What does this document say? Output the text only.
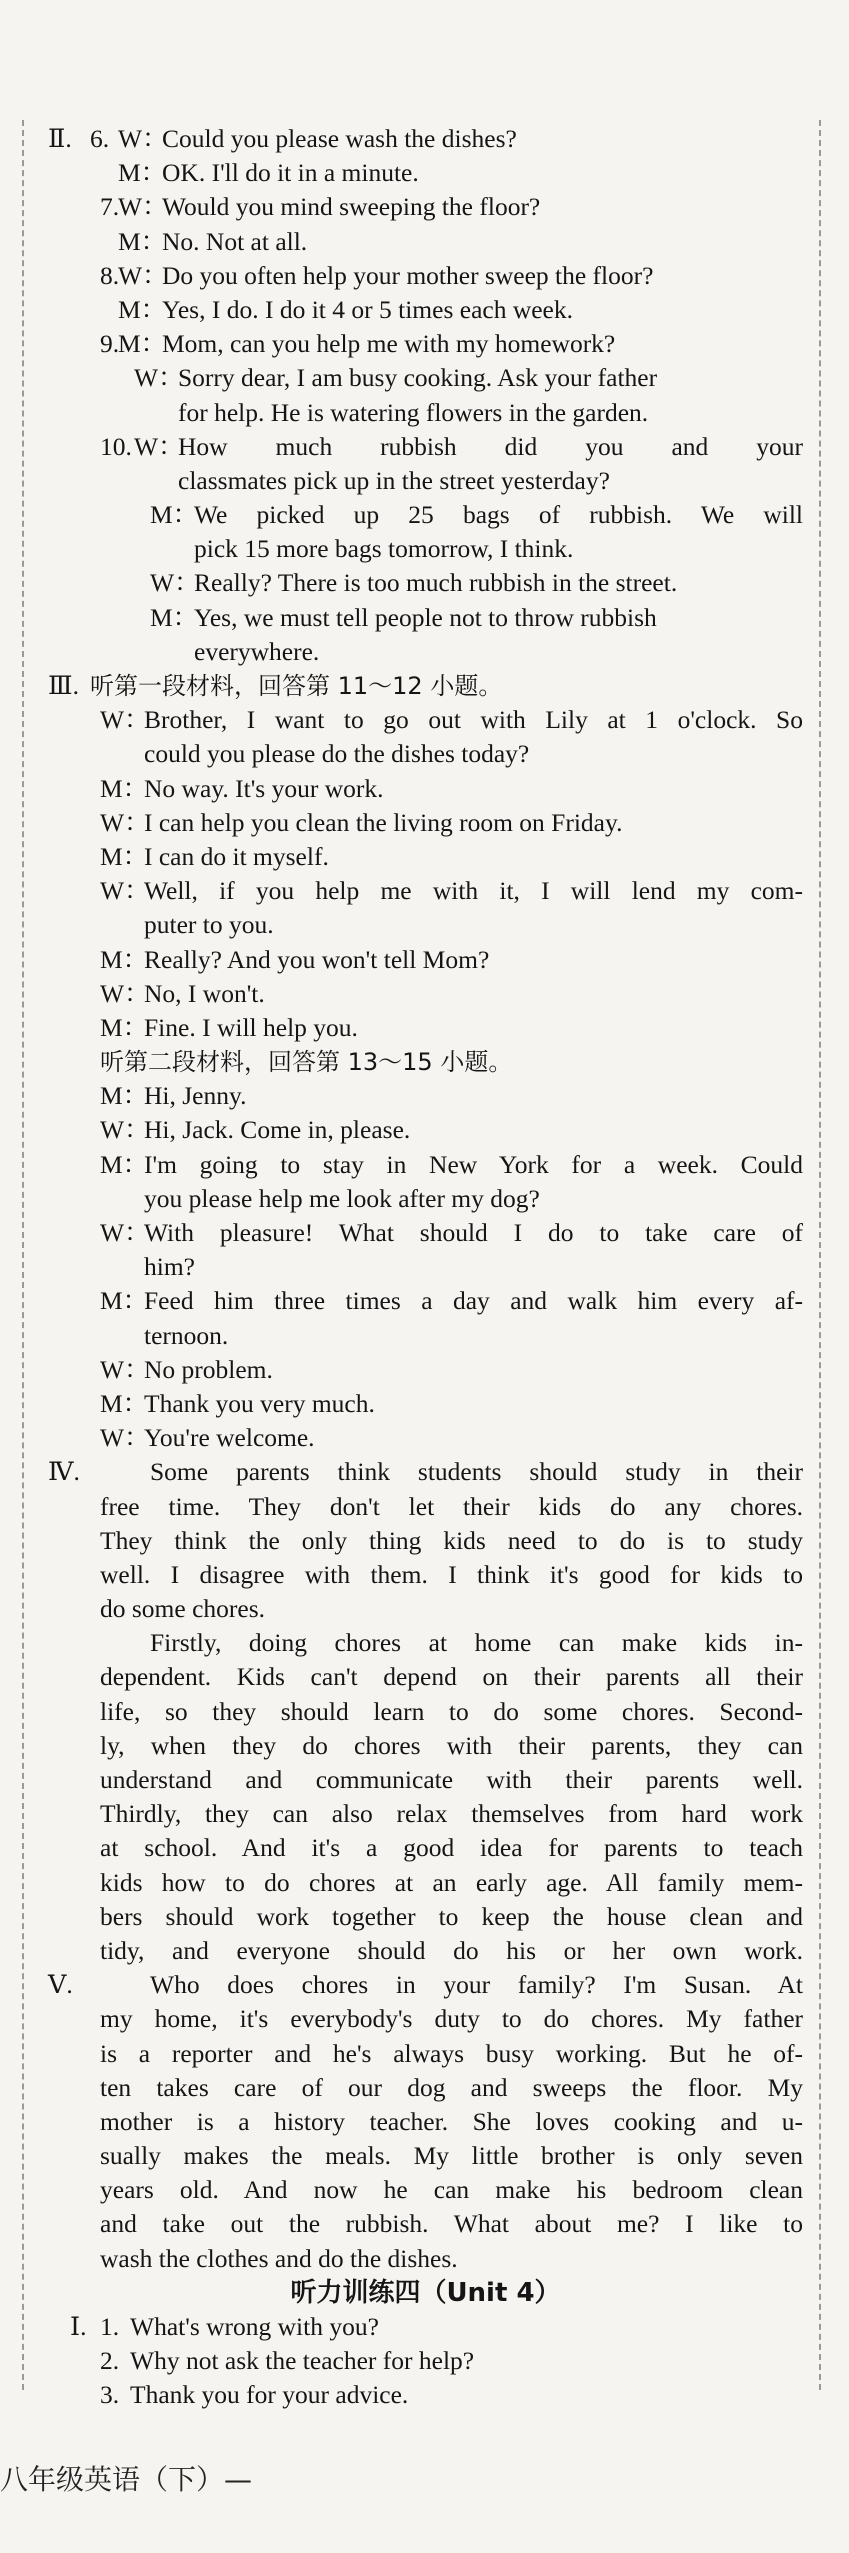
Ⅱ. 6. W：Could you please wash the dishes?
M：OK. I'll do it in a minute.
7.W：Would you mind sweeping the floor?
M：No. Not at all.
8.W：Do you often help your mother sweep the floor?
M：Yes, I do. I do it 4 or 5 times each week.
9.M：Mom, can you help me with my homework?
W：Sorry dear, I am busy cooking. Ask your father
for help. He is watering flowers in the garden.
10.W：How much rubbish did you and your
classmates pick up in the street yesterday?
M：We picked up 25 bags of rubbish. We will
pick 15 more bags tomorrow, I think.
W：Really? There is too much rubbish in the street.
M：Yes, we must tell people not to throw rubbish
everywhere.
Ⅲ. 听第一段材料，回答第 11～12 小题。
W：Brother, I want to go out with Lily at 1 o'clock. So
could you please do the dishes today?
M：No way. It's your work.
W：I can help you clean the living room on Friday.
M：I can do it myself.
W：Well, if you help me with it, I will lend my com-
puter to you.
M：Really? And you won't tell Mom?
W：No, I won't.
M：Fine. I will help you.
听第二段材料，回答第 13～15 小题。
M：Hi, Jenny.
W：Hi, Jack. Come in, please.
M：I'm going to stay in New York for a week. Could
you please help me look after my dog?
W：With pleasure! What should I do to take care of
him?
M：Feed him three times a day and walk him every af-
ternoon.
W：No problem.
M：Thank you very much.
W：You're welcome.
Ⅳ.	Some parents think students should study in their
free time. They don't let their kids do any chores.
They think the only thing kids need to do is to study
well. I disagree with them. I think it's good for kids to
do some chores.
Firstly, doing chores at home can make kids in-
dependent. Kids can't depend on their parents all their
life, so they should learn to do some chores. Second-
ly, when they do chores with their parents, they can
understand and communicate with their parents well.
Thirdly, they can also relax themselves from hard work
at school. And it's a good idea for parents to teach
kids how to do chores at an early age. All family mem-
bers should work together to keep the house clean and
tidy, and everyone should do his or her own work.
Ⅴ.	Who does chores in your family? I'm Susan. At
my home, it's everybody's duty to do chores. My father
is a reporter and he's always busy working. But he of-
ten takes care of our dog and sweeps the floor. My
mother is a history teacher. She loves cooking and u-
sually makes the meals. My little brother is only seven
years old. And now he can make his bedroom clean
and take out the rubbish. What about me? I like to
wash the clothes and do the dishes.
听力训练四（Unit 4）
Ⅰ. 1. What's wrong with you?
2. Why not ask the teacher for help?
3. Thank you for your advice.
八年级英语（下）—
